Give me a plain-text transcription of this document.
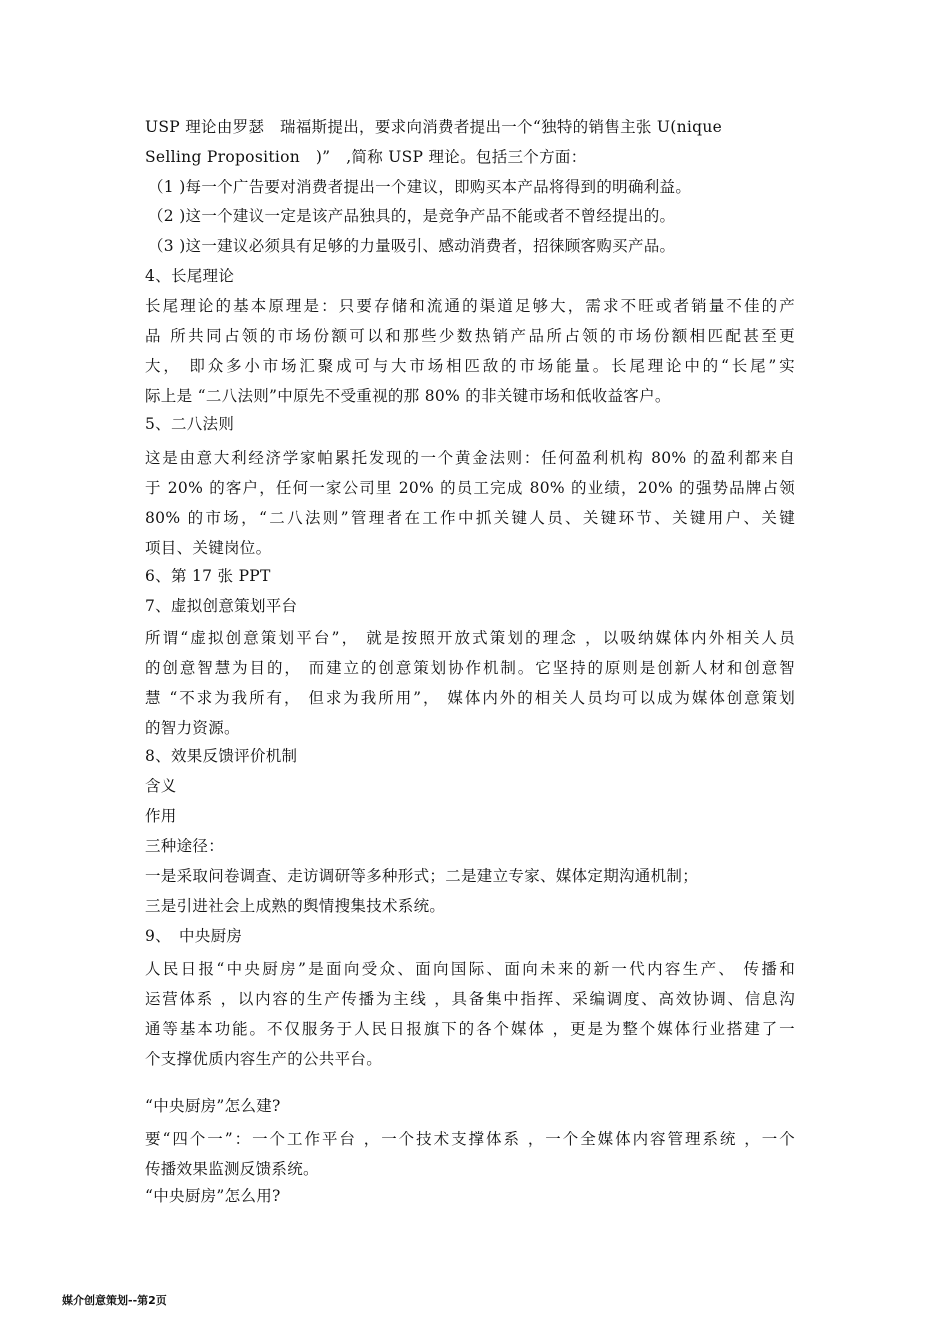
USP 理论由罗瑟　瑞福斯提出，要求向消费者提出一个“独特的销售主张 U(nique
Selling Proposition　)”　,简称 USP 理论。包括三个方面：
（1 )每一个广告要对消费者提出一个建议，即购买本产品将得到的明确利益。
（2 )这一个建议一定是该产品独具的，是竞争产品不能或者不曾经提出的。
（3 )这一建议必须具有足够的力量吸引、感动消费者，招徕顾客购买产品。
4、长尾理论
长尾理论的基本原理是：只要存储和流通的渠道足够大，需求不旺或者销量不佳的产
品 所共同占领的市场份额可以和那些少数热销产品所占领的市场份额相匹配甚至更
大， 即众多小市场汇聚成可与大市场相匹敌的市场能量。长尾理论中的“长尾”实
际上是 “二八法则”中原先不受重视的那 80% 的非关键市场和低收益客户。
5、二八法则
这是由意大利经济学家帕累托发现的一个黄金法则：任何盈利机构 80% 的盈利都来自
于 20% 的客户，任何一家公司里 20% 的员工完成 80% 的业绩，20% 的强势品牌占领
80% 的市场，“二八法则”管理者在工作中抓关键人员、关键环节、关键用户、关键
项目、关键岗位。
6、第 17 张 PPT
7、虚拟创意策划平台
所谓“虚拟创意策划平台”， 就是按照开放式策划的理念 ，以吸纳媒体内外相关人员
的创意智慧为目的， 而建立的创意策划协作机制。它坚持的原则是创新人材和创意智
慧 “不求为我所有， 但求为我所用”， 媒体内外的相关人员均可以成为媒体创意策划
的智力资源。
8、效果反馈评价机制
含义
作用
三种途径：
一是采取问卷调查、走访调研等多种形式；二是建立专家、媒体定期沟通机制；
三是引进社会上成熟的舆情搜集技术系统。
9、　中央厨房
人民日报“中央厨房”是面向受众、面向国际、面向未来的新一代内容生产、 传播和
运营体系 ，以内容的生产传播为主线 ，具备集中指挥、采编调度、高效协调、信息沟
通等基本功能。不仅服务于人民日报旗下的各个媒体 ，更是为整个媒体行业搭建了一
个支撑优质内容生产的公共平台。
“中央厨房”怎么建?
要“四个一”：一个工作平台 ，一个技术支撑体系 ，一个全媒体内容管理系统 ，一个
传播效果监测反馈系统。
“中央厨房”怎么用?
媒介创意策划--第2页
